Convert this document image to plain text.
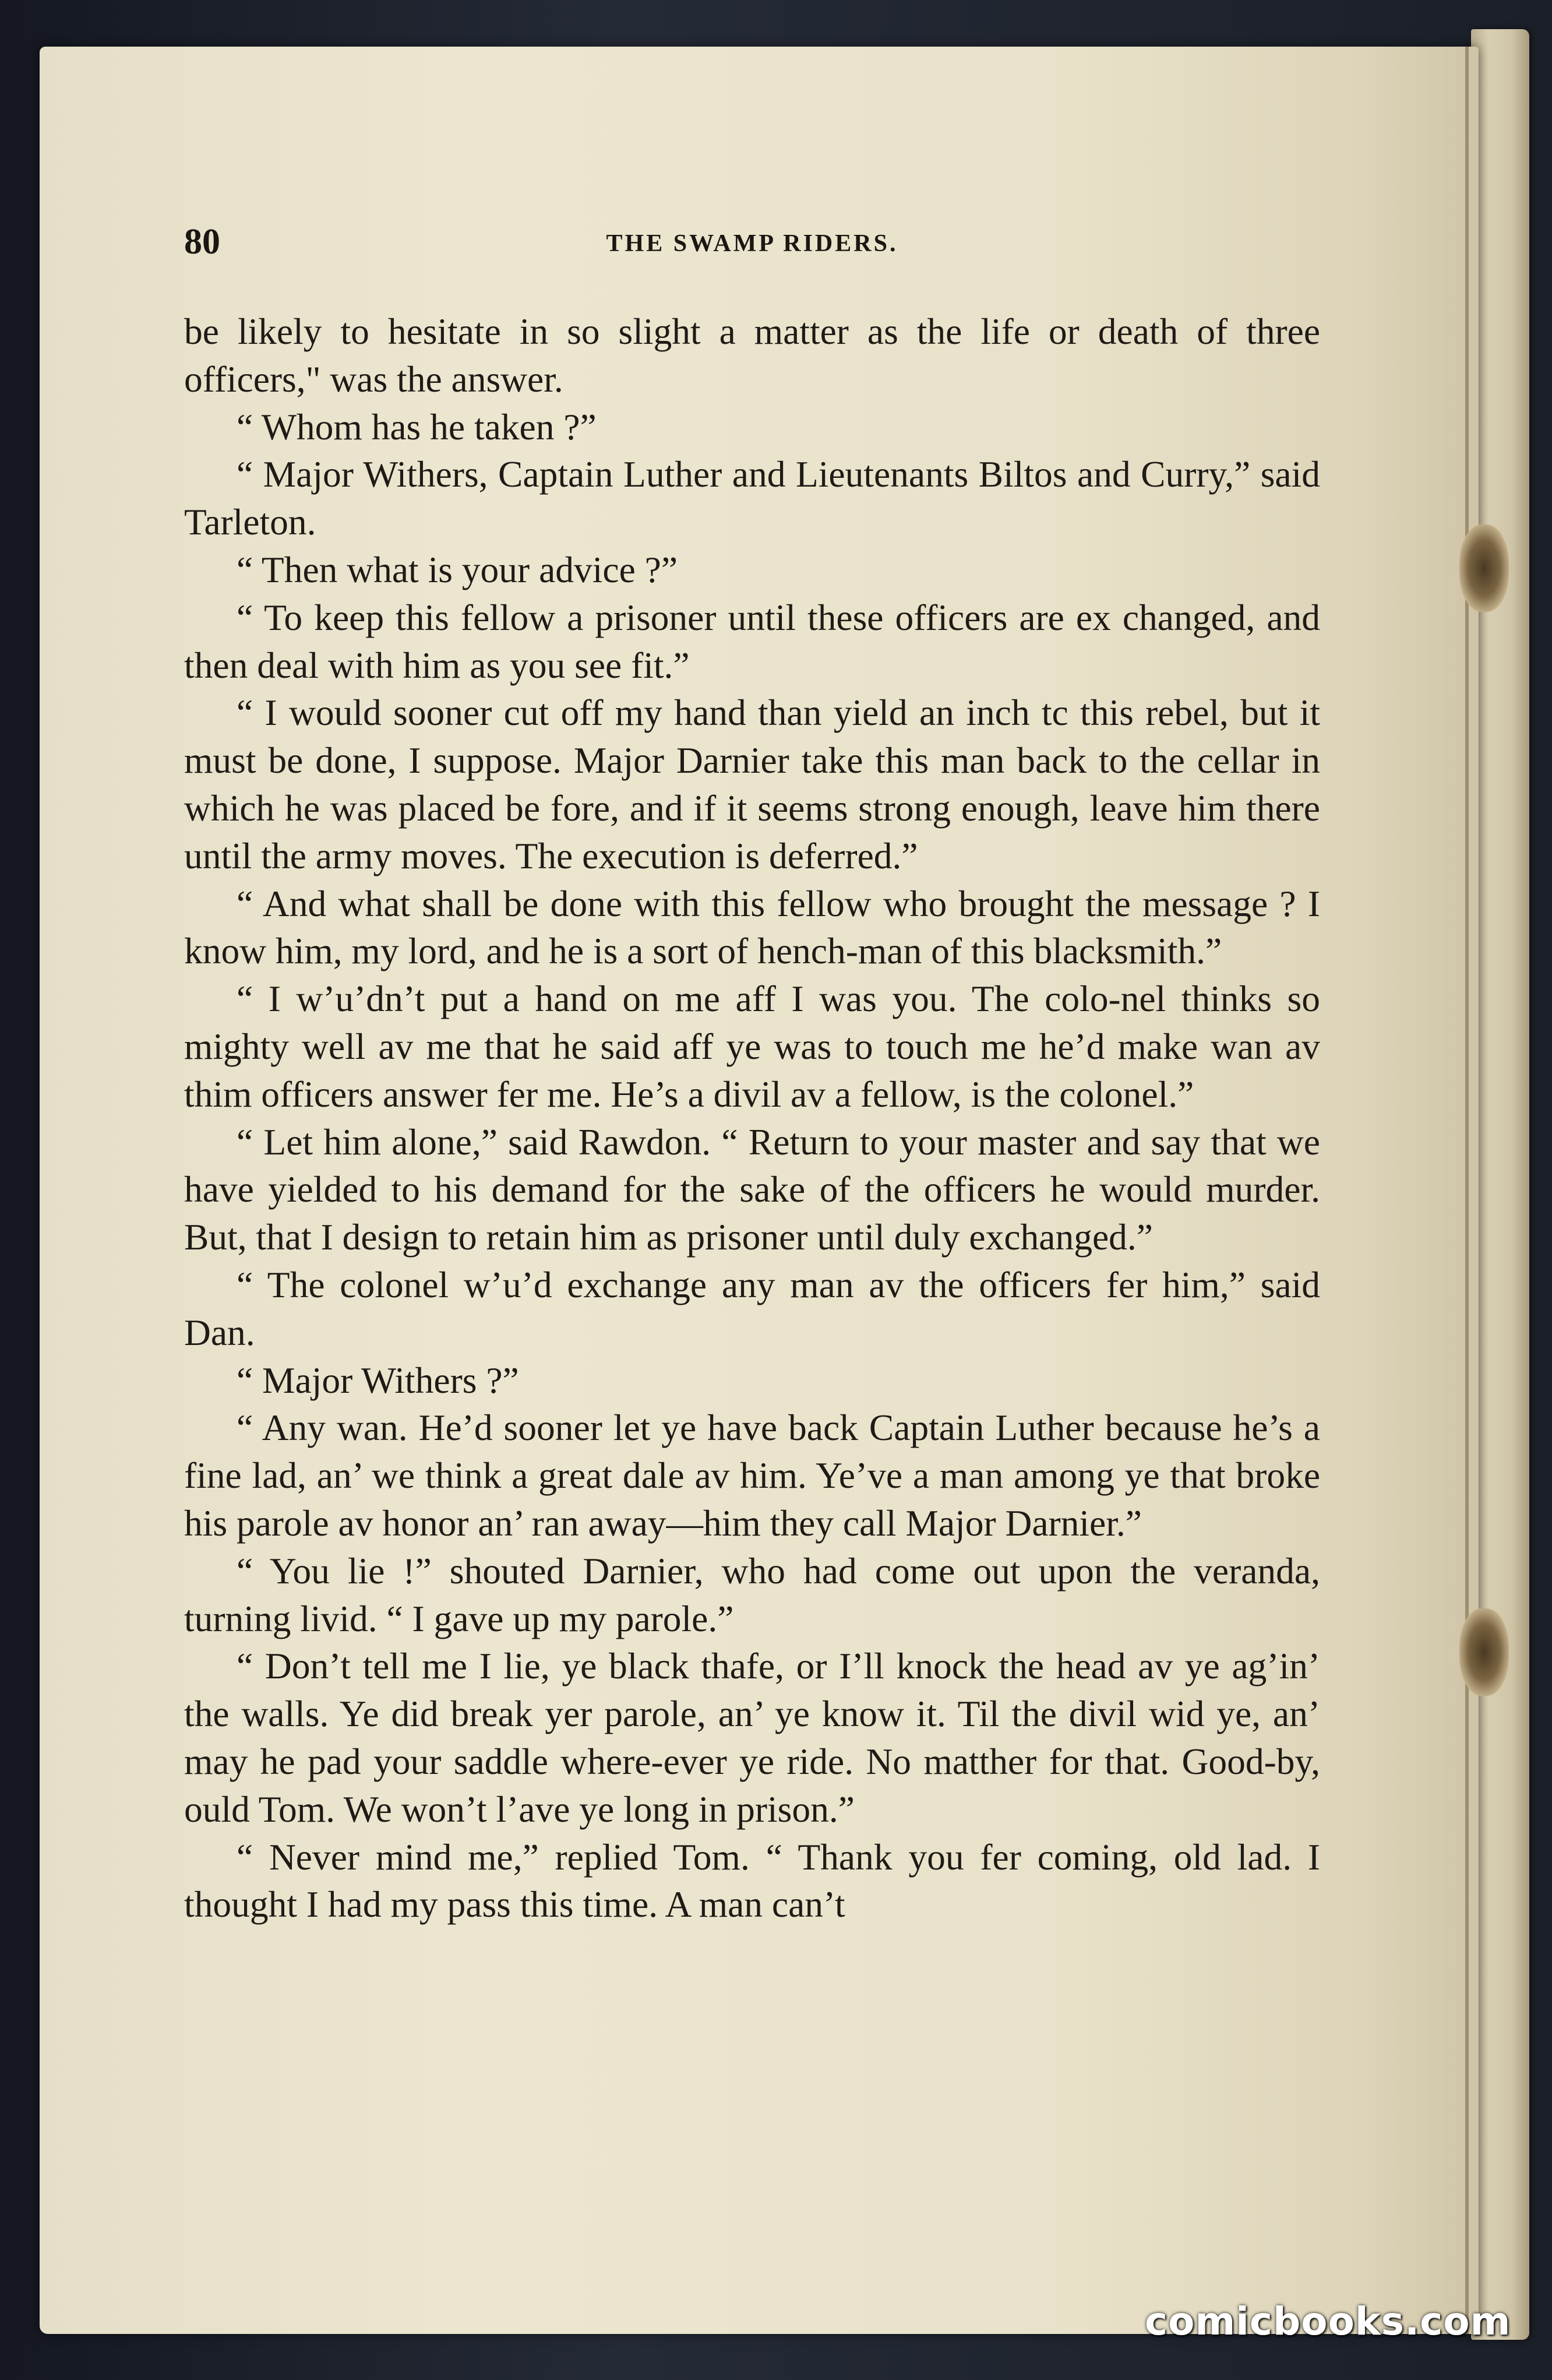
80	THE SWAMP RIDERS.

be likely to hesitate in so slight a matter as the life or death of three officers," was the answer.

“ Whom has he taken ?”

“ Major Withers, Captain Luther and Lieutenants Biltos and Curry,” said Tarleton.

“ Then what is your advice ?”

“ To keep this fellow a prisoner until these officers are ex changed, and then deal with him as you see fit.”

“ I would sooner cut off my hand than yield an inch tc this rebel, but it must be done, I suppose. Major Darnier take this man back to the cellar in which he was placed be fore, and if it seems strong enough, leave him there until the army moves. The execution is deferred.”

“ And what shall be done with this fellow who brought the message ? I know him, my lord, and he is a sort of hench-man of this blacksmith.”

“ I w’u’dn’t put a hand on me aff I was you. The colo-nel thinks so mighty well av me that he said aff ye was to touch me he’d make wan av thim officers answer fer me. He’s a divil av a fellow, is the colonel.”

“ Let him alone,” said Rawdon. “ Return to your master and say that we have yielded to his demand for the sake of the officers he would murder. But, that I design to retain him as prisoner until duly exchanged.”

“ The colonel w’u’d exchange any man av the officers fer him,” said Dan.

“ Major Withers ?”

“ Any wan. He’d sooner let ye have back Captain Luther because he’s a fine lad, an’ we think a great dale av him. Ye’ve a man among ye that broke his parole av honor an’ ran away—him they call Major Darnier.”

“ You lie !” shouted Darnier, who had come out upon the veranda, turning livid. “ I gave up my parole.”

“ Don’t tell me I lie, ye black thafe, or I’ll knock the head av ye ag’in’ the walls. Ye did break yer parole, an’ ye know it. Til the divil wid ye, an’ may he pad your saddle where-ever ye ride. No matther for that. Good-by, ould Tom. We won’t l’ave ye long in prison.”

“ Never mind me,” replied Tom. “ Thank you fer coming, old lad. I thought I had my pass this time. A man can’t

comicbooks.com
